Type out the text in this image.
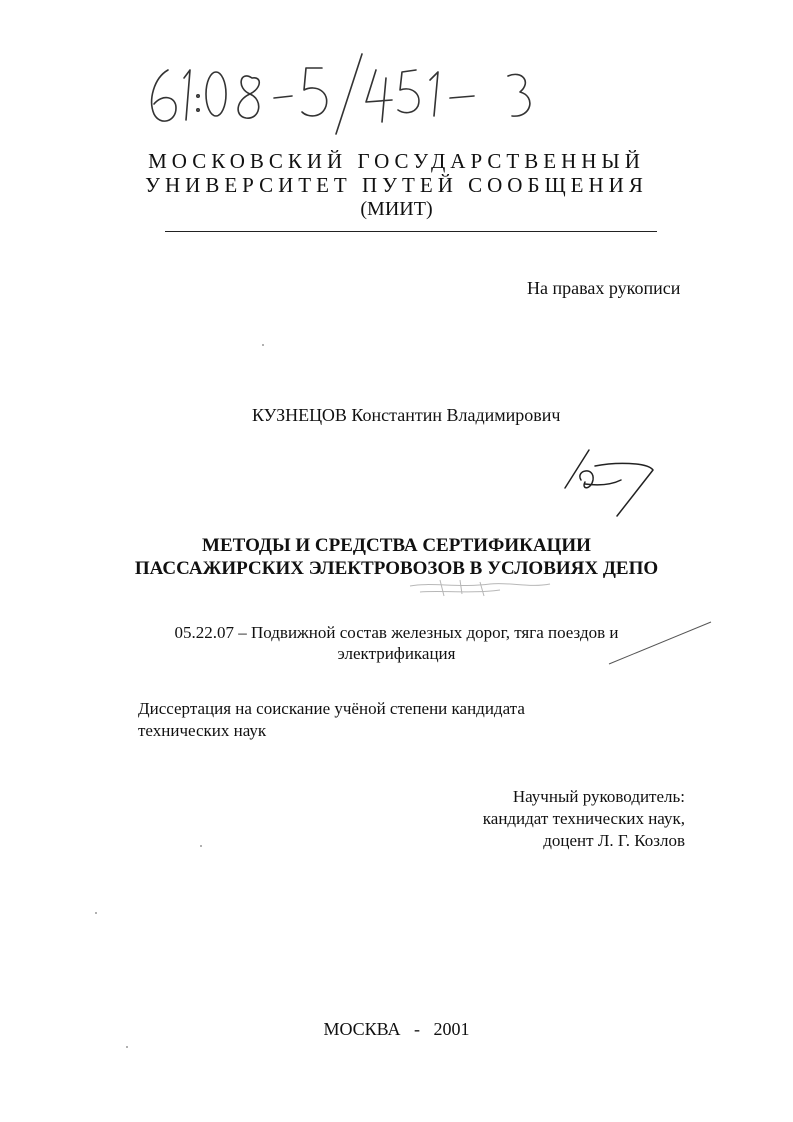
МОСКОВСКИЙ ГОСУДАРСТВЕННЫЙ
УНИВЕРСИТЕТ ПУТЕЙ СООБЩЕНИЯ
(МИИТ)
На правах рукописи
КУЗНЕЦОВ Константин Владимирович
МЕТОДЫ И СРЕДСТВА СЕРТИФИКАЦИИ
ПАССАЖИРСКИХ ЭЛЕКТРОВОЗОВ В УСЛОВИЯХ ДЕПО
05.22.07 – Подвижной состав железных дорог, тяга поездов и
электрификация
Диссертация на соискание учёной степени кандидата
технических наук
Научный руководитель:
кандидат технических наук,
доцент Л. Г. Козлов
МОСКВА   -   2001
